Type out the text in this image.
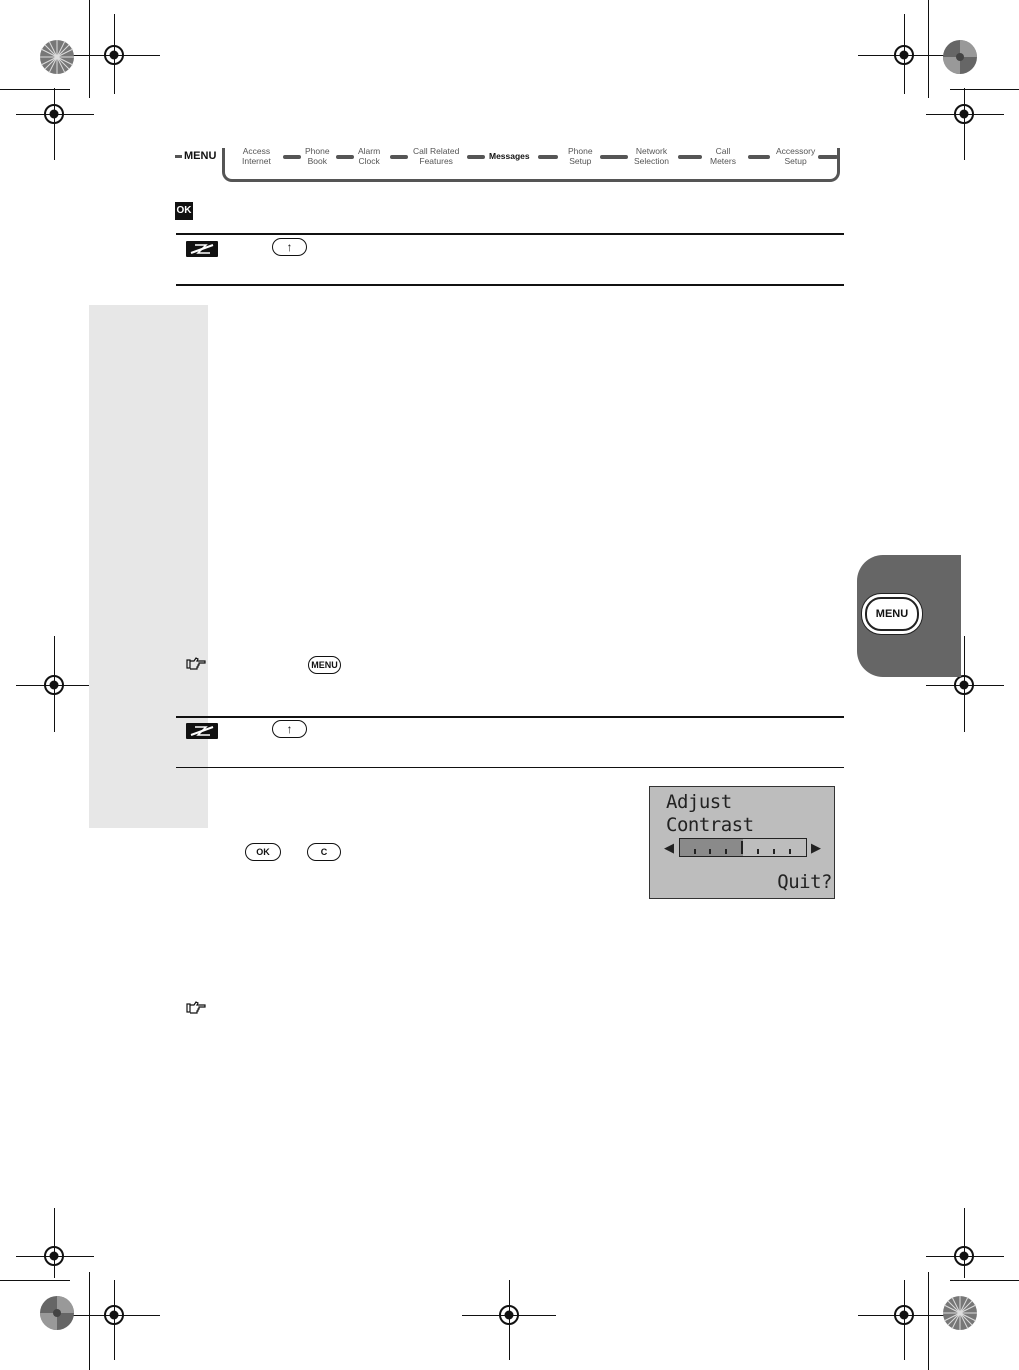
MENU	Access
Internet
Phone
Book
Alarm
Clock
Call Related
Features	Messages	Phone
Setup
Network
Selection
Call
Meters
Accessory
Setup
OK
↑
MENU
↑
OK	C
Adjust
Contrast
◀	▶
Quit?
MENU
